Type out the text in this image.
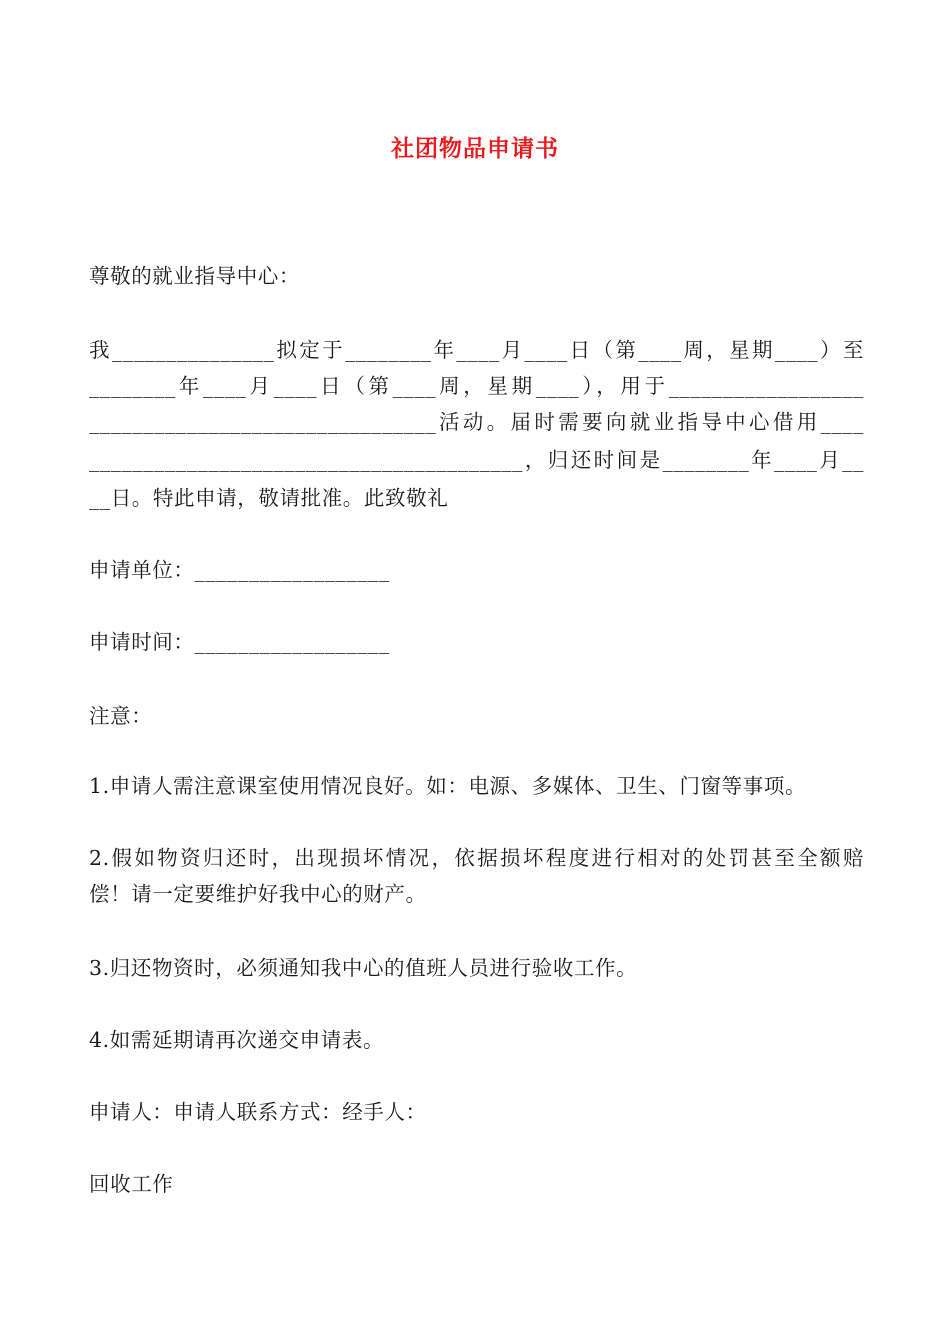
社团物品申请书
尊敬的就业指导中心：
我_______________拟定于________年____月____日（第____周，星期____）至
________年____月____日（第____周，星期____），用于__________________
________________________________活动。届时需要向就业指导中心借用____
________________________________________，归还时间是________年____月__
__日。特此申请，敬请批准。此致敬礼
申请单位：__________________
申请时间：__________________
注意：
1.申请人需注意课室使用情况良好。如：电源、多媒体、卫生、门窗等事项。
2.假如物资归还时，出现损坏情况，依据损坏程度进行相对的处罚甚至全额赔
偿！请一定要维护好我中心的财产。
3.归还物资时，必须通知我中心的值班人员进行验收工作。
4.如需延期请再次递交申请表。
申请人：申请人联系方式：经手人：
回收工作
